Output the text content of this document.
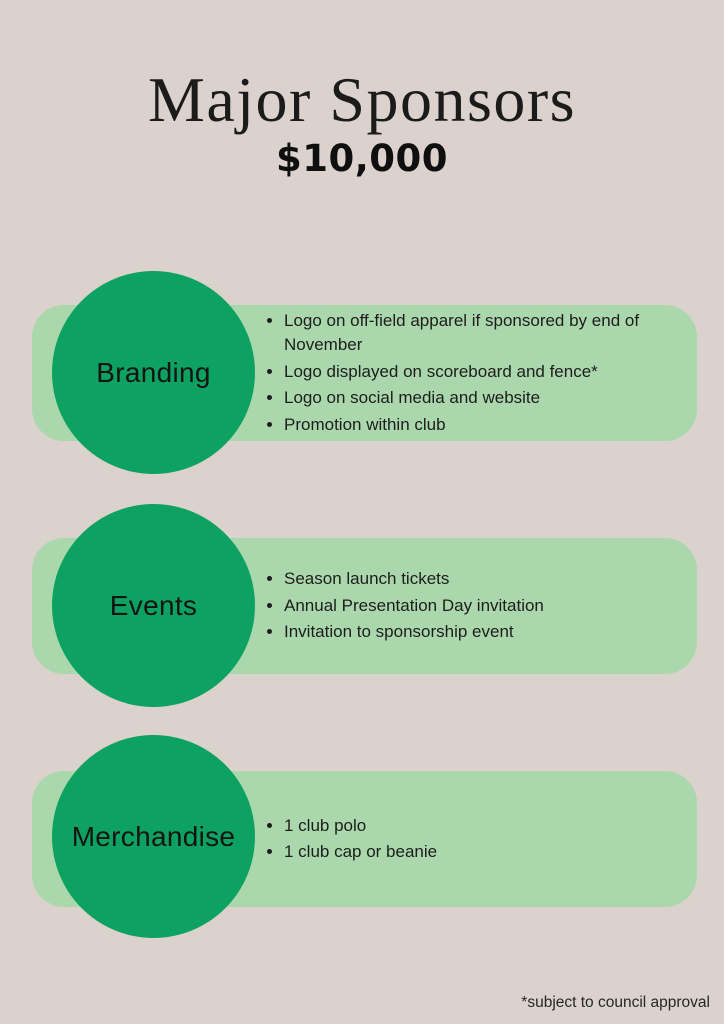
Major Sponsors
$10,000
• Logo on off-field apparel if sponsored by end of November
• Logo displayed on scoreboard and fence*
• Logo on social media and website
• Promotion within club
Branding
• Season launch tickets
• Annual Presentation Day invitation
• Invitation to sponsorship event
Events
• 1 club polo
• 1 club cap or beanie
Merchandise
*subject to council approval
